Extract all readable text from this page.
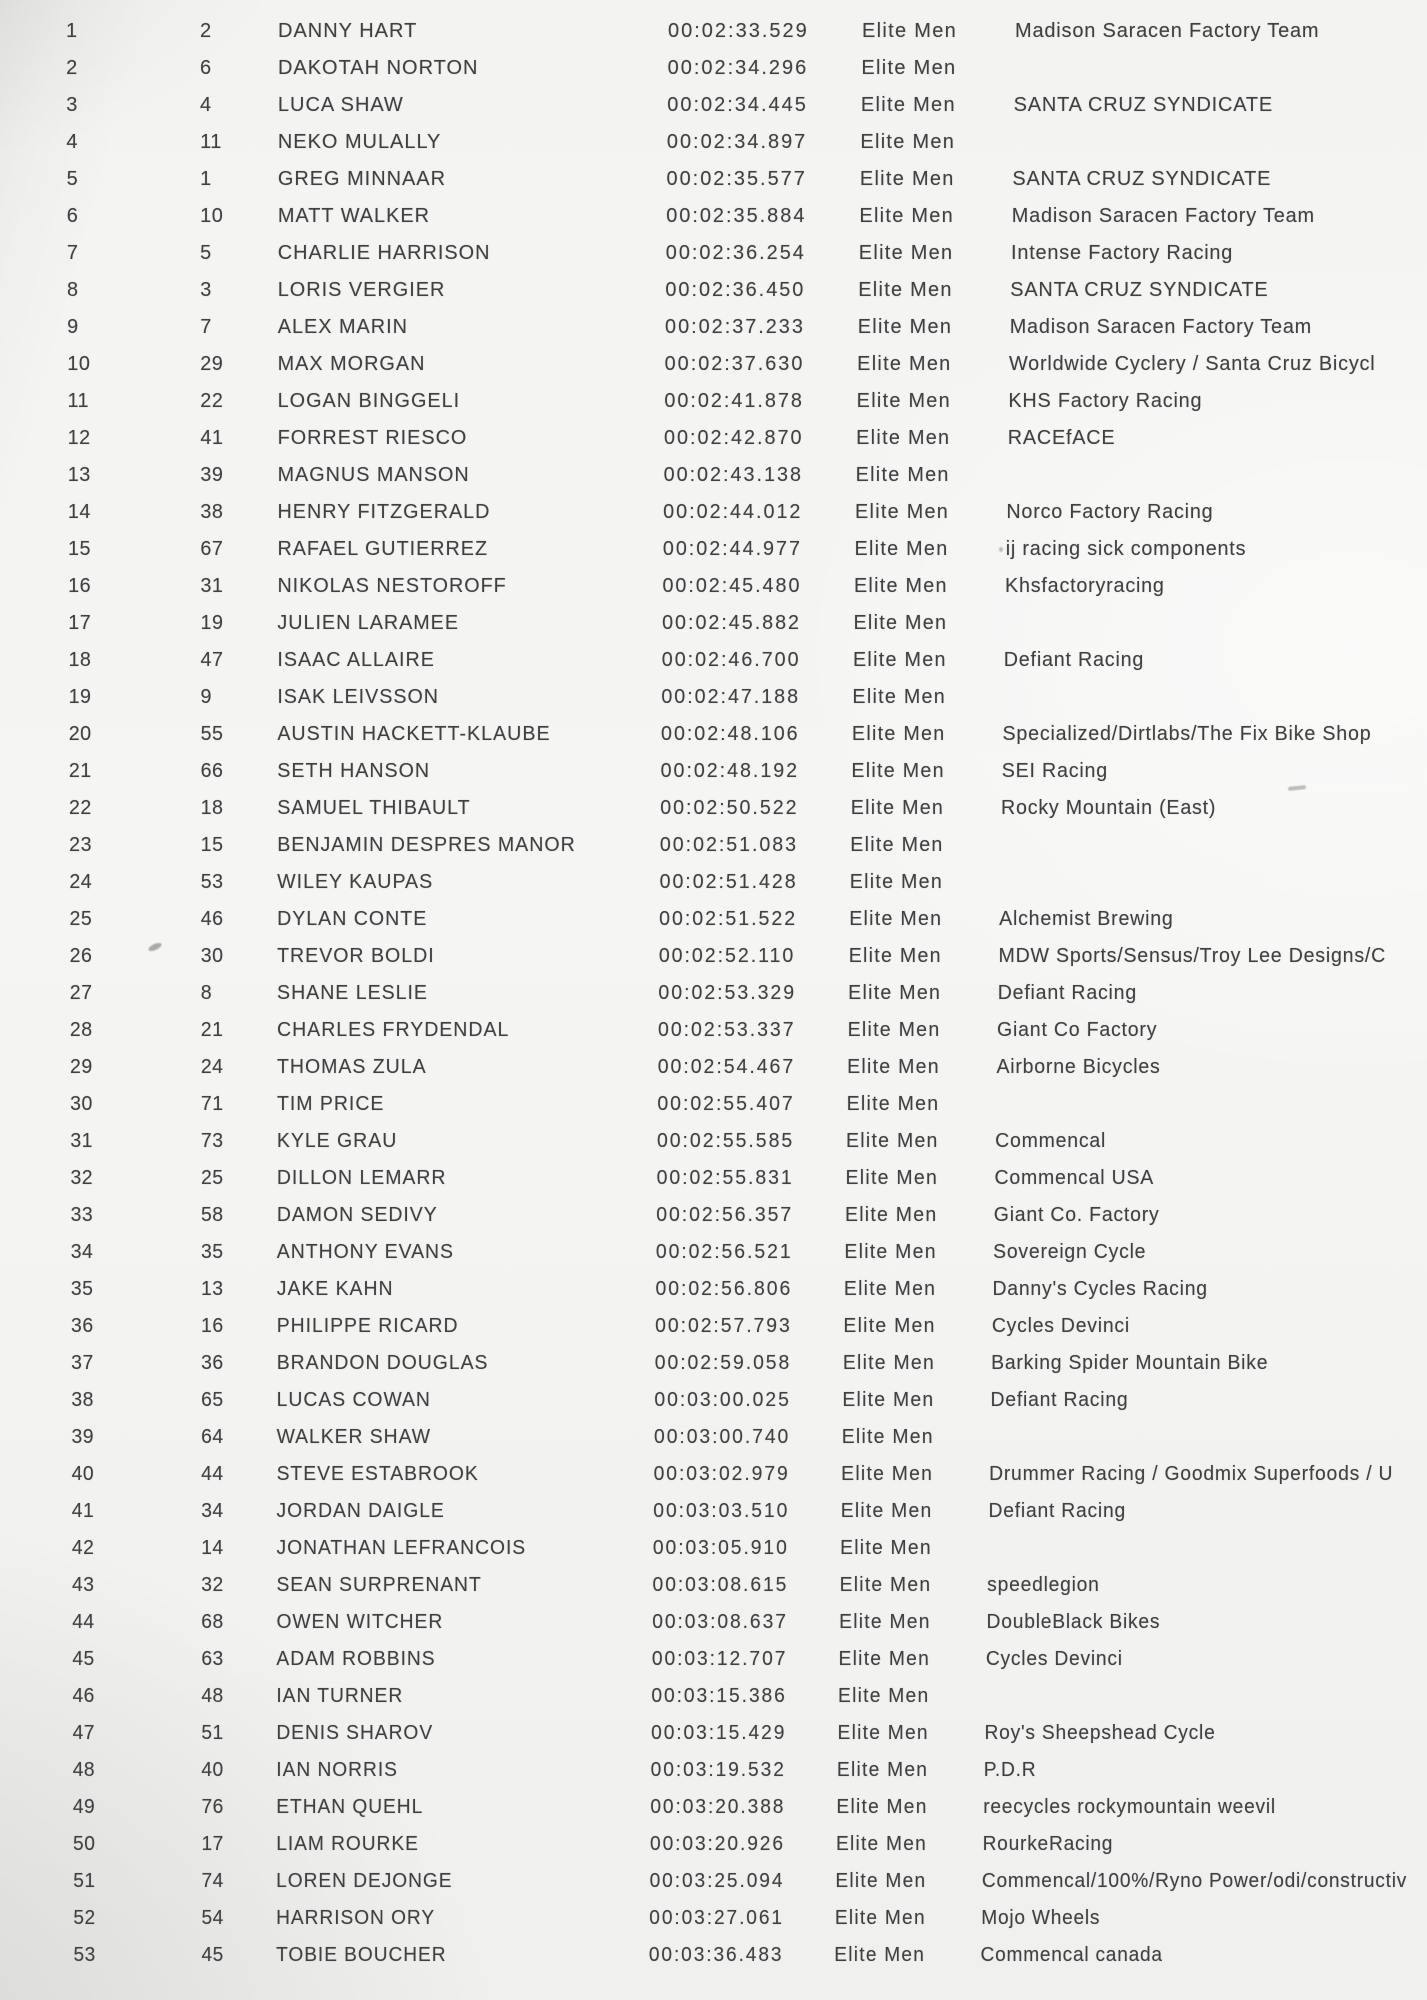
1	2	DANNY HART	00:02:33.529	Elite Men	Madison Saracen Factory Team
2	6	DAKOTAH NORTON	00:02:34.296	Elite Men
3	4	LUCA SHAW	00:02:34.445	Elite Men	SANTA CRUZ SYNDICATE
4	11	NEKO MULALLY	00:02:34.897	Elite Men
5	1	GREG MINNAAR	00:02:35.577	Elite Men	SANTA CRUZ SYNDICATE
6	10	MATT WALKER	00:02:35.884	Elite Men	Madison Saracen Factory Team
7	5	CHARLIE HARRISON	00:02:36.254	Elite Men	Intense Factory Racing
8	3	LORIS VERGIER	00:02:36.450	Elite Men	SANTA CRUZ SYNDICATE
9	7	ALEX MARIN	00:02:37.233	Elite Men	Madison Saracen Factory Team
10	29	MAX MORGAN	00:02:37.630	Elite Men	Worldwide Cyclery / Santa Cruz Bicycl
11	22	LOGAN BINGGELI	00:02:41.878	Elite Men	KHS Factory Racing
12	41	FORREST RIESCO	00:02:42.870	Elite Men	RACEfACE
13	39	MAGNUS MANSON	00:02:43.138	Elite Men
14	38	HENRY FITZGERALD	00:02:44.012	Elite Men	Norco Factory Racing
15	67	RAFAEL GUTIERREZ	00:02:44.977	Elite Men	ij racing sick components
16	31	NIKOLAS NESTOROFF	00:02:45.480	Elite Men	Khsfactoryracing
17	19	JULIEN LARAMEE	00:02:45.882	Elite Men
18	47	ISAAC ALLAIRE	00:02:46.700	Elite Men	Defiant Racing
19	9	ISAK LEIVSSON	00:02:47.188	Elite Men
20	55	AUSTIN HACKETT-KLAUBE	00:02:48.106	Elite Men	Specialized/Dirtlabs/The Fix Bike Shop
21	66	SETH HANSON	00:02:48.192	Elite Men	SEI Racing
22	18	SAMUEL THIBAULT	00:02:50.522	Elite Men	Rocky Mountain (East)
23	15	BENJAMIN DESPRES MANOR	00:02:51.083	Elite Men
24	53	WILEY KAUPAS	00:02:51.428	Elite Men
25	46	DYLAN CONTE	00:02:51.522	Elite Men	Alchemist Brewing
26	30	TREVOR BOLDI	00:02:52.110	Elite Men	MDW Sports/Sensus/Troy Lee Designs/C
27	8	SHANE LESLIE	00:02:53.329	Elite Men	Defiant Racing
28	21	CHARLES FRYDENDAL	00:02:53.337	Elite Men	Giant Co Factory
29	24	THOMAS ZULA	00:02:54.467	Elite Men	Airborne Bicycles
30	71	TIM PRICE	00:02:55.407	Elite Men
31	73	KYLE GRAU	00:02:55.585	Elite Men	Commencal
32	25	DILLON LEMARR	00:02:55.831	Elite Men	Commencal USA
33	58	DAMON SEDIVY	00:02:56.357	Elite Men	Giant Co. Factory
34	35	ANTHONY EVANS	00:02:56.521	Elite Men	Sovereign Cycle
35	13	JAKE KAHN	00:02:56.806	Elite Men	Danny's Cycles Racing
36	16	PHILIPPE RICARD	00:02:57.793	Elite Men	Cycles Devinci
37	36	BRANDON DOUGLAS	00:02:59.058	Elite Men	Barking Spider Mountain Bike
38	65	LUCAS COWAN	00:03:00.025	Elite Men	Defiant Racing
39	64	WALKER SHAW	00:03:00.740	Elite Men
40	44	STEVE ESTABROOK	00:03:02.979	Elite Men	Drummer Racing / Goodmix Superfoods / U
41	34	JORDAN DAIGLE	00:03:03.510	Elite Men	Defiant Racing
42	14	JONATHAN LEFRANCOIS	00:03:05.910	Elite Men
43	32	SEAN SURPRENANT	00:03:08.615	Elite Men	speedlegion
44	68	OWEN WITCHER	00:03:08.637	Elite Men	DoubleBlack Bikes
45	63	ADAM ROBBINS	00:03:12.707	Elite Men	Cycles Devinci
46	48	IAN TURNER	00:03:15.386	Elite Men
47	51	DENIS SHAROV	00:03:15.429	Elite Men	Roy's Sheepshead Cycle
48	40	IAN NORRIS	00:03:19.532	Elite Men	P.D.R
49	76	ETHAN QUEHL	00:03:20.388	Elite Men	reecycles rockymountain weevil
50	17	LIAM ROURKE	00:03:20.926	Elite Men	RourkeRacing
51	74	LOREN DEJONGE	00:03:25.094	Elite Men	Commencal/100%/Ryno Power/odi/constructiv
52	54	HARRISON ORY	00:03:27.061	Elite Men	Mojo Wheels
53	45	TOBIE BOUCHER	00:03:36.483	Elite Men	Commencal canada
